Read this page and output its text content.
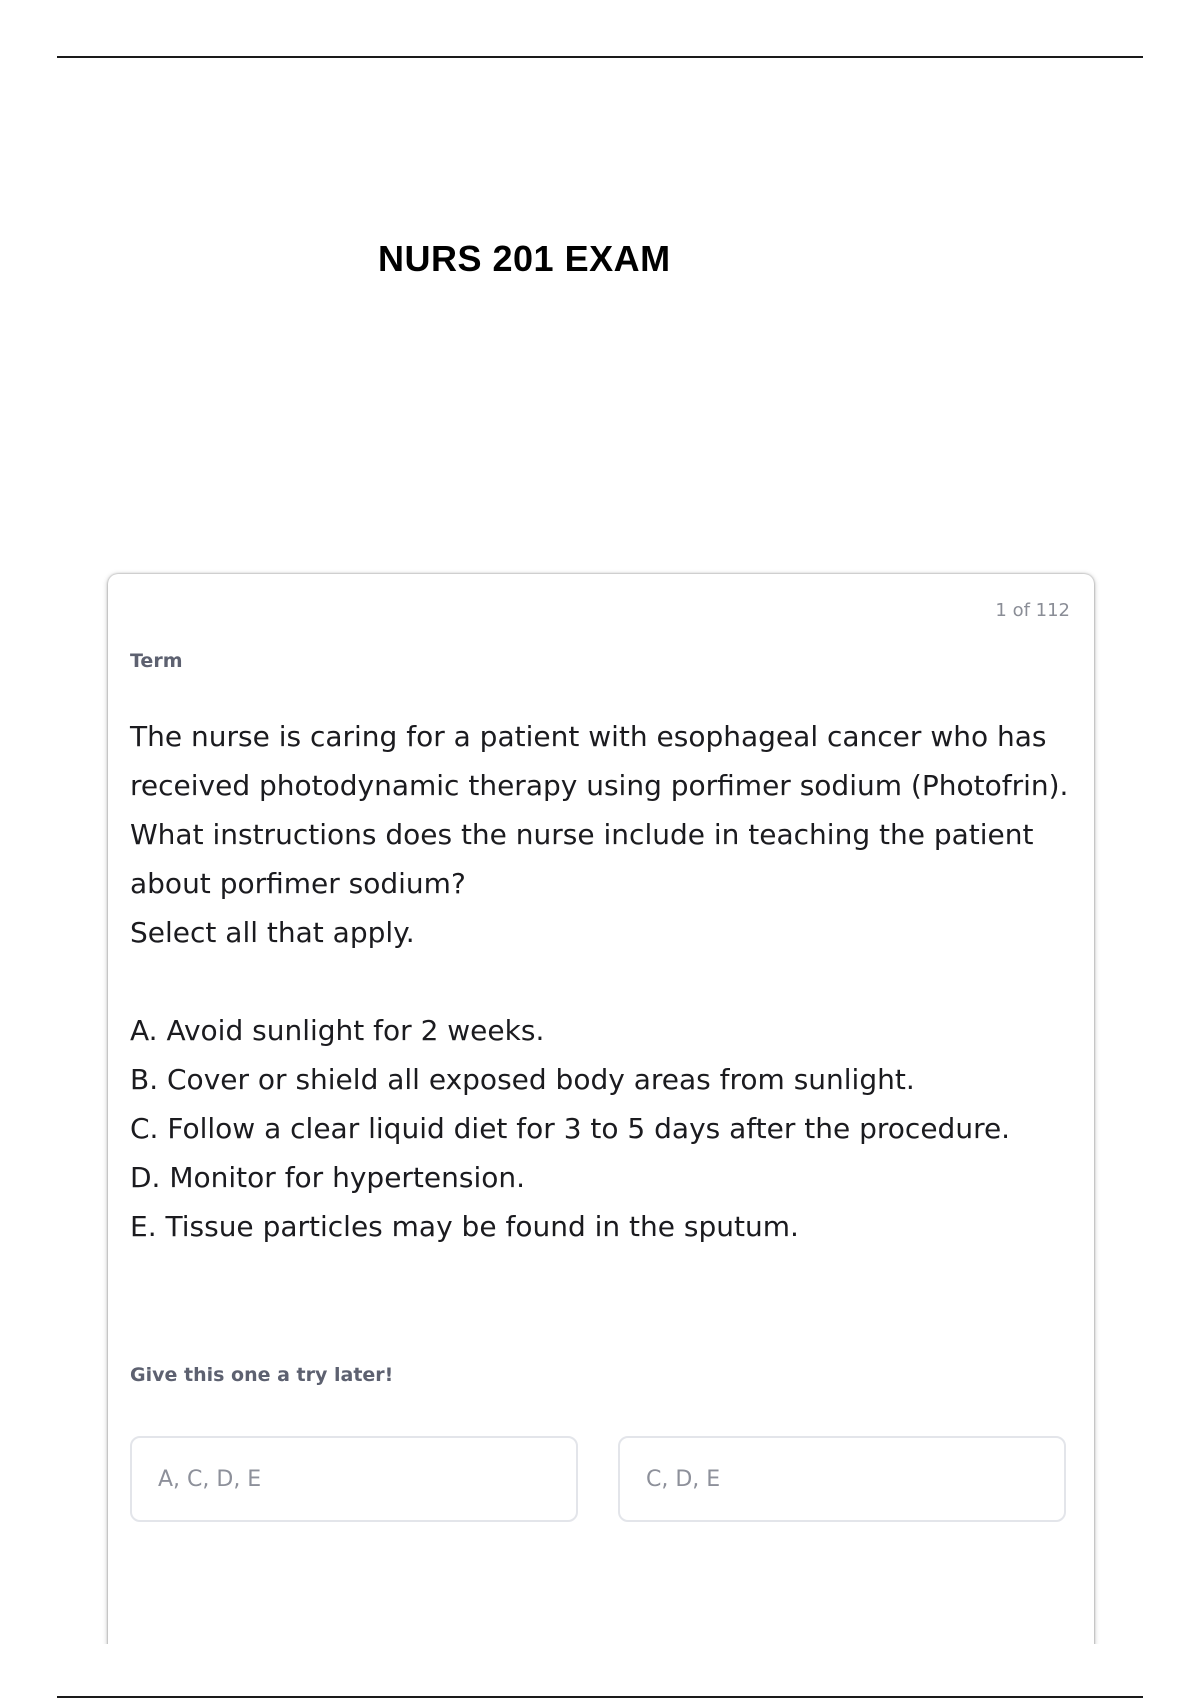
NURS 201 EXAM
1 of 112
Term

The nurse is caring for a patient with esophageal cancer who has received photodynamic therapy using porfimer sodium (Photofrin). What instructions does the nurse include in teaching the patient about porfimer sodium?

Select all that apply.

A. Avoid sunlight for 2 weeks.
B. Cover or shield all exposed body areas from sunlight.
C. Follow a clear liquid diet for 3 to 5 days after the procedure.
D. Monitor for hypertension.
E. Tissue particles may be found in the sputum.
Give this one a try later!
A, C, D, E	C, D, E
